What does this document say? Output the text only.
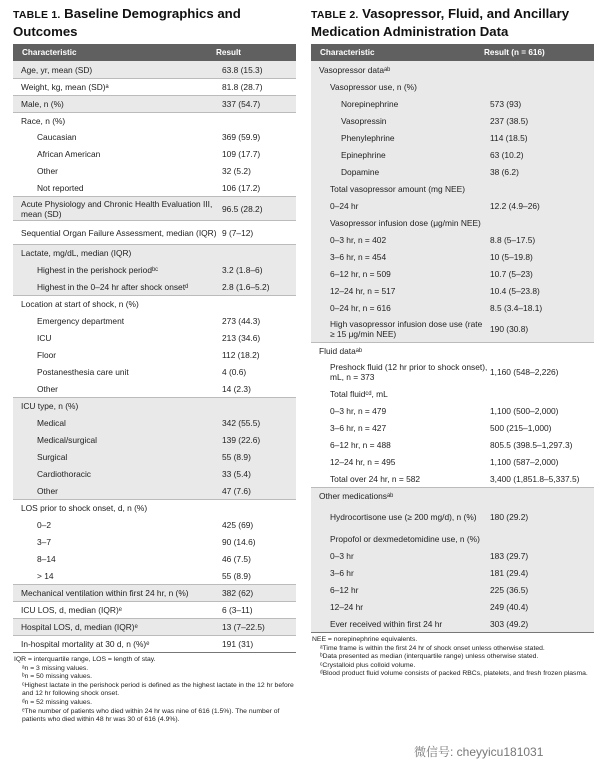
TABLE 1. Baseline Demographics and Outcomes
Characteristic	Result
Age, yr, mean (SD)	63.8 (15.3)
Weight, kg, mean (SD)ᵃ	81.8 (28.7)
Male, n (%)	337 (54.7)
Race, n (%)
Caucasian	369 (59.9)
African American	109 (17.7)
Other	32 (5.2)
Not reported	106 (17.2)
Acute Physiology and Chronic Health Evaluation III, mean (SD)	96.5 (28.2)
Sequential Organ Failure Assessment, median (IQR) 9 (7–12)
Lactate, mg/dL, median (IQR)
Highest in the perishock periodᵇᶜ	3.2 (1.8–6)
Highest in the 0–24 hr after shock onsetᵈ	2.8 (1.6–5.2)
Location at start of shock, n (%)
Emergency department	273 (44.3)
ICU	213 (34.6)
Floor	112 (18.2)
Postanesthesia care unit	4 (0.6)
Other	14 (2.3)
ICU type, n (%)
Medical	342 (55.5)
Medical/surgical	139 (22.6)
Surgical	55 (8.9)
Cardiothoracic	33 (5.4)
Other	47 (7.6)
LOS prior to shock onset, d, n (%)
0–2	425 (69)
3–7	90 (14.6)
8–14	46 (7.5)
> 14	55 (8.9)
Mechanical ventilation within first 24 hr, n (%)	382 (62)
ICU LOS, d, median (IQR)ᵉ	6 (3–11)
Hospital LOS, d, median (IQR)ᵉ	13 (7–22.5)
In-hospital mortality at 30 d, n (%)ᵉ	191 (31)

IQR = interquartile range, LOS = length of stay.

ᵃn = 3 missing values.

ᵇn = 50 missing values.

ᶜHighest lactate in the perishock period is defined as the highest lactate in the 12 hr before and 12 hr following shock onset.

ᵈn = 52 missing values.

ᵉThe number of patients who died within 24 hr was nine of 616 (1.5%). The number of patients who died within 48 hr was 30 of 616 (4.9%).

TABLE 2. Vasopressor, Fluid, and Ancillary Medication Administration Data
Characteristic	Result (n = 616)
Vasopressor dataᵃᵇ
Vasopressor use, n (%)
Norepinephrine	573 (93)
Vasopressin	237 (38.5)
Phenylephrine	114 (18.5)
Epinephrine	63 (10.2)
Dopamine	38 (6.2)
Total vasopressor amount (mg NEE)
0–24 hr	12.2 (4.9–26)
Vasopressor infusion dose (μg/min NEE)
0–3 hr, n = 402	8.8 (5–17.5)
3–6 hr, n = 454	10 (5–19.8)
6–12 hr, n = 509	10.7 (5–23)
12–24 hr, n = 517	10.4 (5–23.8)
0–24 hr, n = 616	8.5 (3.4–18.1)
High vasopressor infusion dose use (rate ≥ 15 μg/min NEE)	190 (30.8)
Fluid dataᵃᵇ
Preshock fluid (12 hr prior to shock onset), mL, n = 373	1,160 (548–2,226)
Total fluidᶜᵈ, mL
0–3 hr, n = 479	1,100 (500–2,000)
3–6 hr, n = 427	500 (215–1,000)
6–12 hr, n = 488	805.5 (398.5–1,297.3)
12–24 hr, n = 495	1,100 (587–2,000)
Total over 24 hr, n = 582	3,400 (1,851.8–5,337.5)
Other medicationsᵃᵇ
Hydrocortisone use (≥ 200 mg/d), n (%)	180 (29.2)
Propofol or dexmedetomidine use, n (%)
0–3 hr	183 (29.7)
3–6 hr	181 (29.4)
6–12 hr	225 (36.5)
12–24 hr	249 (40.4)
Ever received within first 24 hr	303 (49.2)

NEE = norepinephrine equivalents.

ᵃTime frame is within the first 24 hr of shock onset unless otherwise stated.

ᵇData presented as median (interquartile range) unless otherwise stated.

ᶜCrystalloid plus colloid volume.

ᵈBlood product fluid volume consists of packed RBCs, platelets, and fresh frozen plasma.

微信号: cheyyicu181031
